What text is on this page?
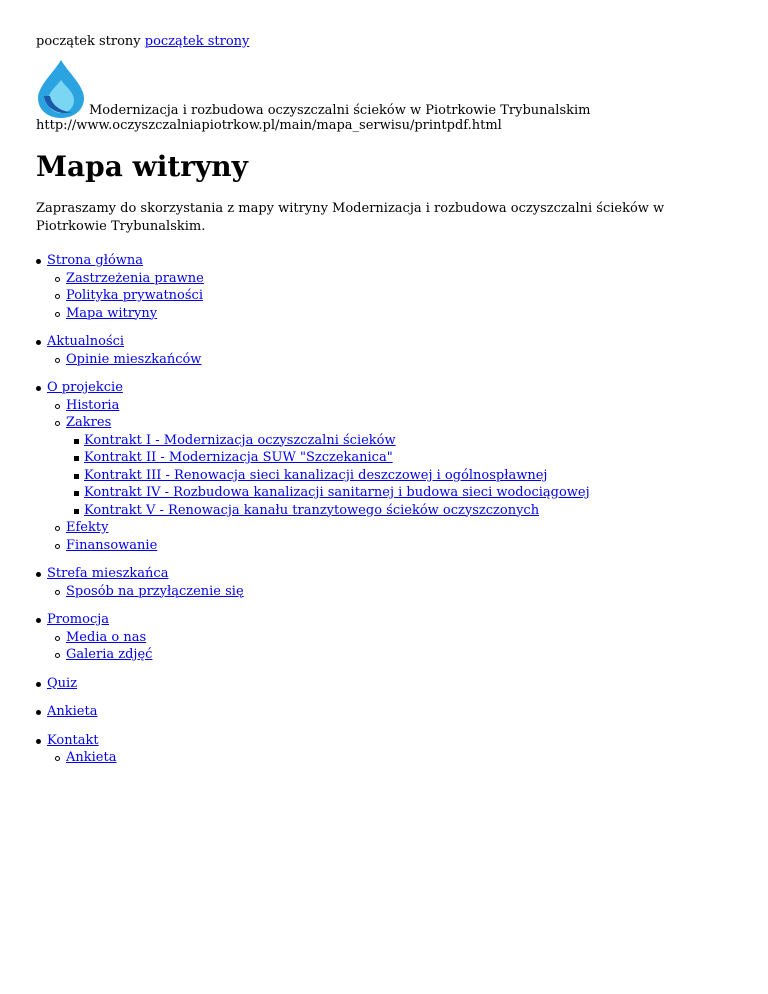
początek strony początek strony
Modernizacja i rozbudowa oczyszczalni ścieków w Piotrkowie Trybunalskim
http://www.oczyszczalniapiotrkow.pl/main/mapa_serwisu/printpdf.html
Mapa witryny
Zapraszamy do skorzystania z mapy witryny Modernizacja i rozbudowa oczyszczalni ścieków w Piotrkowie Trybunalskim.
Strona główna
Zastrzeżenia prawne
Polityka prywatności
Mapa witryny
Aktualności
Opinie mieszkańców
O projekcie
Historia
Zakres
Kontrakt I - Modernizacja oczyszczalni ścieków
Kontrakt II - Modernizacja SUW "Szczekanica"
Kontrakt III - Renowacja sieci kanalizacji deszczowej i ogólnospławnej
Kontrakt IV - Rozbudowa kanalizacji sanitarnej i budowa sieci wodociągowej
Kontrakt V - Renowacja kanału tranzytowego ścieków oczyszczonych
Efekty
Finansowanie
Strefa mieszkańca
Sposób na przyłączenie się
Promocja
Media o nas
Galeria zdjęć
Quiz
Ankieta
Kontakt
Ankieta
